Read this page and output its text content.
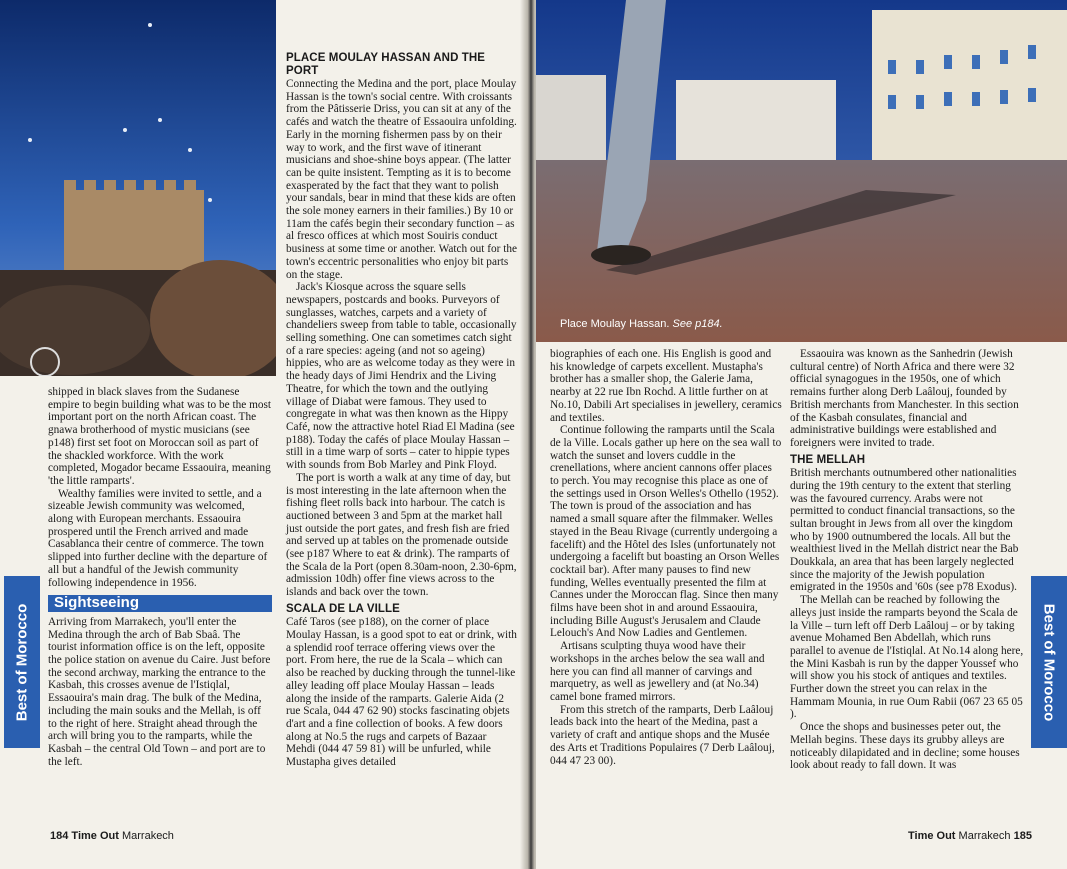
shipped in black slaves from the Sudanese empire to begin building what was to be the most important port on the north African coast. The gnawa brotherhood of mystic musicians (see p148) first set foot on Moroccan soil as part of the shackled workforce. With the work completed, Mogador became Essaouira, meaning 'the little ramparts'.

Wealthy families were invited to settle, and a sizeable Jewish community was welcomed, along with European merchants. Essaouira prospered until the French arrived and made Casablanca their centre of commerce. The town slipped into further decline with the departure of all but a handful of the Jewish community following independence in 1956.

Sightseeing

Arriving from Marrakech, you'll enter the Medina through the arch of Bab Sbaâ. The tourist information office is on the left, opposite the police station on avenue du Caire. Just before the second archway, marking the entrance to the Kasbah, this crosses avenue de l'Istiqlal, Essaouira's main drag. The bulk of the Medina, including the main souks and the Mellah, is off to the right of here. Straight ahead through the arch will bring you to the ramparts, while the Kasbah – the central Old Town – and port are to the left.

PLACE MOULAY HASSAN AND THE PORT

Connecting the Medina and the port, place Moulay Hassan is the town's social centre. With croissants from the Pâtisserie Driss, you can sit at any of the cafés and watch the theatre of Essaouira unfolding. Early in the morning fishermen pass by on their way to work, and the first wave of itinerant musicians and shoe-shine boys appear. (The latter can be quite insistent. Tempting as it is to become exasperated by the fact that they want to polish your sandals, bear in mind that these kids are often the sole money earners in their families.) By 10 or 11am the cafés begin their secondary function – as al fresco offices at which most Souiris conduct business at some time or another. Watch out for the town's eccentric personalities who enjoy bit parts on the stage.

Jack's Kiosque across the square sells newspapers, postcards and books. Purveyors of sunglasses, watches, carpets and a variety of chandeliers sweep from table to table, occasionally selling something. One can sometimes catch sight of a rare species: ageing (and not so ageing) hippies, who are as welcome today as they were in the heady days of Jimi Hendrix and the Living Theatre, for which the town and the outlying village of Diabat were famous. They used to congregate in what was then known as the Hippy Café, now the attractive hotel Riad El Madina (see p188). Today the cafés of place Moulay Hassan – still in a time warp of sorts – cater to hippie types with sounds from Bob Marley and Pink Floyd.

The port is worth a walk at any time of day, but is most interesting in the late afternoon when the fishing fleet rolls back into harbour. The catch is auctioned between 3 and 5pm at the market hall just outside the port gates, and fresh fish are fried and served up at tables on the promenade outside (see p187 Where to eat & drink). The ramparts of the Scala de la Port (open 8.30am-noon, 2.30-6pm, admission 10dh) offer fine views across to the islands and back over the town.

SCALA DE LA VILLE

Café Taros (see p188), on the corner of place Moulay Hassan, is a good spot to eat or drink, with a splendid roof terrace offering views over the port. From here, the rue de la Scala – which can also be reached by ducking through the tunnel-like alley leading off place Moulay Hassan – leads along the inside of the ramparts. Galerie Aida (2 rue Scala, 044 47 62 90) stocks fascinating objets d'art and a fine collection of books. A few doors along at No.5 the rugs and carpets of Bazaar Mehdi (044 47 59 81) will be unfurled, while Mustapha gives detailed

Best of Morocco
184 Time Out Marrakech
Place Moulay Hassan. See p184.

biographies of each one. His English is good and his knowledge of carpets excellent. Mustapha's brother has a smaller shop, the Galerie Jama, nearby at 22 rue Ibn Rochd. A little further on at No.10, Dabili Art specialises in jewellery, ceramics and textiles.

Continue following the ramparts until the Scala de la Ville. Locals gather up here on the sea wall to watch the sunset and lovers cuddle in the crenellations, where ancient cannons offer places to perch. You may recognise this place as one of the settings used in Orson Welles's Othello (1952). The town is proud of the association and has named a small square after the filmmaker. Welles stayed in the Beau Rivage (currently undergoing a facelift) and the Hôtel des Isles (unfortunately not undergoing a facelift but boasting an Orson Welles cocktail bar). After many pauses to find new funding, Welles eventually presented the film at Cannes under the Moroccan flag. Since then many films have been shot in and around Essaouira, including Bille August's Jerusalem and Claude Lelouch's And Now Ladies and Gentlemen.

Artisans sculpting thuya wood have their workshops in the arches below the sea wall and here you can find all manner of carvings and marquetry, as well as jewellery and (at No.34) camel bone framed mirrors.

From this stretch of the ramparts, Derb Laâlouj leads back into the heart of the Medina, past a variety of craft and antique shops and the Musée des Arts et Traditions Populaires (7 Derb Laâlouj, 044 47 23 00).

Essaouira was known as the Sanhedrin (Jewish cultural centre) of North Africa and there were 32 official synagogues in the 1950s, one of which remains further along Derb Laâlouj, founded by British merchants from Manchester. In this section of the Kasbah consulates, financial and administrative buildings were established and foreigners were invited to trade.

THE MELLAH

British merchants outnumbered other nationalities during the 19th century to the extent that sterling was the favoured currency. Arabs were not permitted to conduct financial transactions, so the sultan brought in Jews from all over the kingdom who by 1900 outnumbered the locals. All but the wealthiest lived in the Mellah district near the Bab Doukkala, an area that has been largely neglected since the majority of the Jewish population emigrated in the 1950s and '60s (see p78 Exodus).

The Mellah can be reached by following the alleys just inside the ramparts beyond the Scala de la Ville – turn left off Derb Laâlouj – or by taking avenue Mohamed Ben Abdellah, which runs parallel to avenue de l'Istiqlal. At No.14 along here, the Mini Kasbah is run by the dapper Youssef who will show you his stock of antiques and textiles. Further down the street you can relax in the Hammam Mounia, in rue Oum Rabii (067 23 65 05 ).

Once the shops and businesses peter out, the Mellah begins. These days its grubby alleys are noticeably dilapidated and in decline; some houses look about ready to fall down. It was

Best of Morocco
Time Out Marrakech 185
